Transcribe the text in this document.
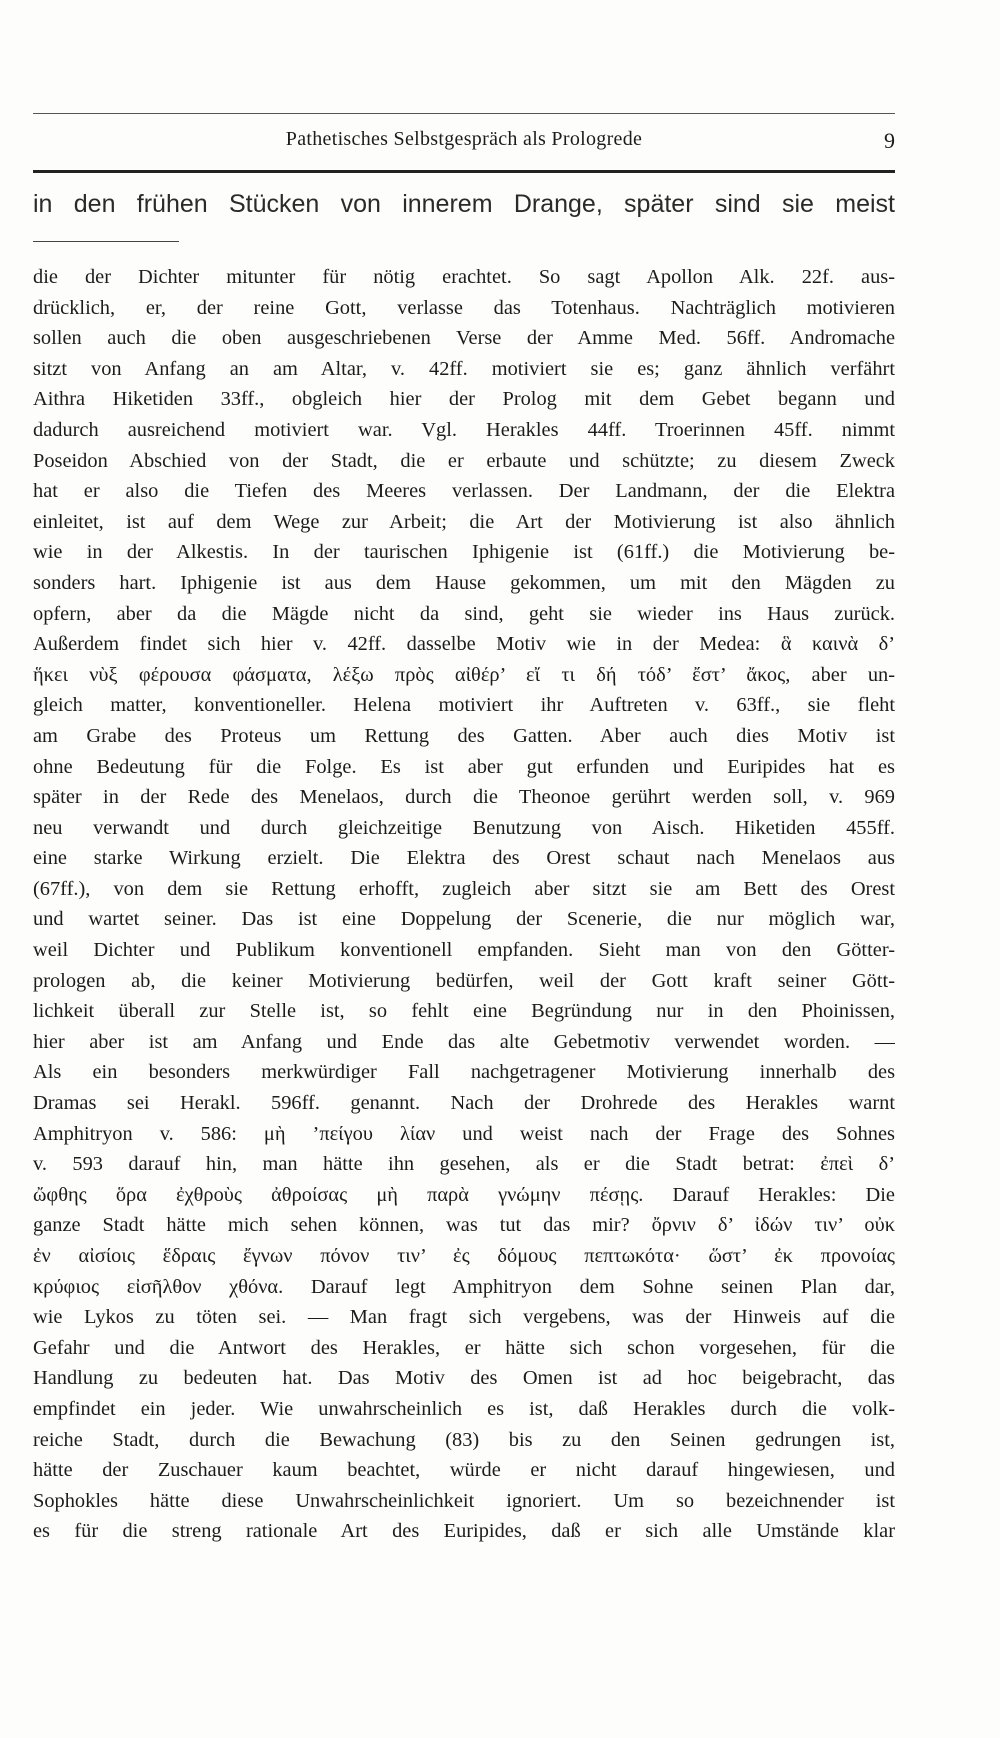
Pathetisches Selbstgespräch als Prologrede	9
in den frühen Stücken von innerem Drange, später sind sie meist
die der Dichter mitunter für nötig erachtet. So sagt Apollon Alk. 22f. aus-
drücklich, er, der reine Gott, verlasse das Totenhaus. Nachträglich motivieren
sollen auch die oben ausgeschriebenen Verse der Amme Med. 56ff. Andromache
sitzt von Anfang an am Altar, v. 42ff. motiviert sie es; ganz ähnlich verfährt
Aithra Hiketiden 33ff., obgleich hier der Prolog mit dem Gebet begann und
dadurch ausreichend motiviert war. Vgl. Herakles 44ff. Troerinnen 45ff. nimmt
Poseidon Abschied von der Stadt, die er erbaute und schützte; zu diesem Zweck
hat er also die Tiefen des Meeres verlassen. Der Landmann, der die Elektra
einleitet, ist auf dem Wege zur Arbeit; die Art der Motivierung ist also ähnlich
wie in der Alkestis. In der taurischen Iphigenie ist (61ff.) die Motivierung be-
sonders hart. Iphigenie ist aus dem Hause gekommen, um mit den Mägden zu
opfern, aber da die Mägde nicht da sind, geht sie wieder ins Haus zurück.
Außerdem findet sich hier v. 42ff. dasselbe Motiv wie in der Medea: ἃ καινὰ δ’
ἥκει νὺξ φέρουσα φάσματα, λέξω πρὸς αἰθέρ’ εἴ τι δή τόδ’ ἔστ’ ἄκος, aber un-
gleich matter, konventioneller. Helena motiviert ihr Auftreten v. 63ff., sie fleht
am Grabe des Proteus um Rettung des Gatten. Aber auch dies Motiv ist
ohne Bedeutung für die Folge. Es ist aber gut erfunden und Euripides hat es
später in der Rede des Menelaos, durch die Theonoe gerührt werden soll, v. 969
neu verwandt und durch gleichzeitige Benutzung von Aisch. Hiketiden 455ff.
eine starke Wirkung erzielt. Die Elektra des Orest schaut nach Menelaos aus
(67ff.), von dem sie Rettung erhofft, zugleich aber sitzt sie am Bett des Orest
und wartet seiner. Das ist eine Doppelung der Scenerie, die nur möglich war,
weil Dichter und Publikum konventionell empfanden. Sieht man von den Götter-
prologen ab, die keiner Motivierung bedürfen, weil der Gott kraft seiner Gött-
lichkeit überall zur Stelle ist, so fehlt eine Begründung nur in den Phoinissen,
hier aber ist am Anfang und Ende das alte Gebetmotiv verwendet worden. —
Als ein besonders merkwürdiger Fall nachgetragener Motivierung innerhalb des
Dramas sei Herakl. 596ff. genannt. Nach der Drohrede des Herakles warnt
Amphitryon v. 586: μὴ ’πείγου λίαν und weist nach der Frage des Sohnes
v. 593 darauf hin, man hätte ihn gesehen, als er die Stadt betrat: ἐπεὶ δ’
ὤφθης ὅρα ἐχθροὺς ἀθροίσας μὴ παρὰ γνώμην πέσῃς. Darauf Herakles: Die
ganze Stadt hätte mich sehen können, was tut das mir? ὄρνιν δ’ ἰδών τιν’ οὐκ
ἐν αἰσίοις ἕδραις ἔγνων πόνον τιν’ ἐς δόμους πεπτωκότα· ὥστ’ ἐκ προνοίας
κρύφιος εἰσῆλθον χθόνα. Darauf legt Amphitryon dem Sohne seinen Plan dar,
wie Lykos zu töten sei. — Man fragt sich vergebens, was der Hinweis auf die
Gefahr und die Antwort des Herakles, er hätte sich schon vorgesehen, für die
Handlung zu bedeuten hat. Das Motiv des Omen ist ad hoc beigebracht, das
empfindet ein jeder. Wie unwahrscheinlich es ist, daß Herakles durch die volk-
reiche Stadt, durch die Bewachung (83) bis zu den Seinen gedrungen ist,
hätte der Zuschauer kaum beachtet, würde er nicht darauf hingewiesen, und
Sophokles hätte diese Unwahrscheinlichkeit ignoriert. Um so bezeichnender ist
es für die streng rationale Art des Euripides, daß er sich alle Umstände klar
